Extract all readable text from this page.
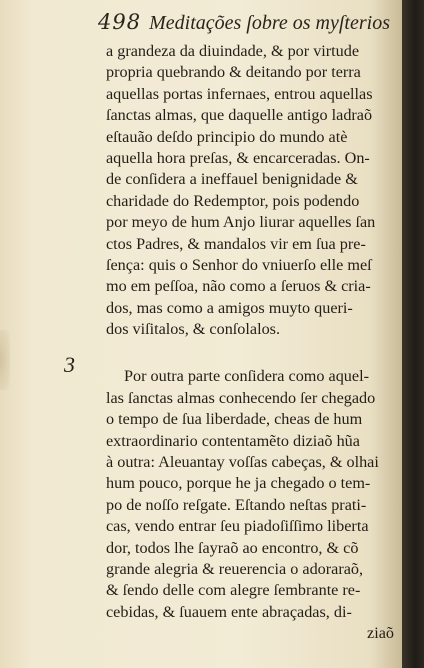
498 Meditações ſobre os myſterios
3
a grandeza da diuindade, & por virtude
propria quebrando & deitando por terra
aquellas portas infernaes, entrou aquellas
ſanctas almas, que daquelle antigo ladraõ
eſtauão deſdo principio do mundo atè
aquella hora preſas, & encarceradas. On-
de conſidera a ineffauel benignidade &
charidade do Redemptor, pois podendo
por meyo de hum Anjo liurar aquelles ſan
ctos Padres, & mandalos vir em ſua pre-
ſença: quis o Senhor do vniuerſo elle meſ
mo em peſſoa, não como a ſeruos & cria-
dos, mas como a amigos muyto queri-
dos viſitalos, & conſolalos.
Por outra parte conſidera como aquel-
las ſanctas almas conhecendo ſer chegado
o tempo de ſua liberdade, cheas de hum
extraordinario contentamẽto diziaõ hũa
à outra: Aleuantay voſſas cabeças, & olhai
hum pouco, porque he ja chegado o tem-
po de noſſo reſgate. Eſtando neſtas prati-
cas, vendo entrar ſeu piadoſiſſimo liberta
dor, todos lhe ſayraõ ao encontro, & cõ
grande alegria & reuerencia o adoraraõ,
& ſendo delle com alegre ſembrante re-
cebidas, & ſuauem ente abraçadas, di-
ziaõ
